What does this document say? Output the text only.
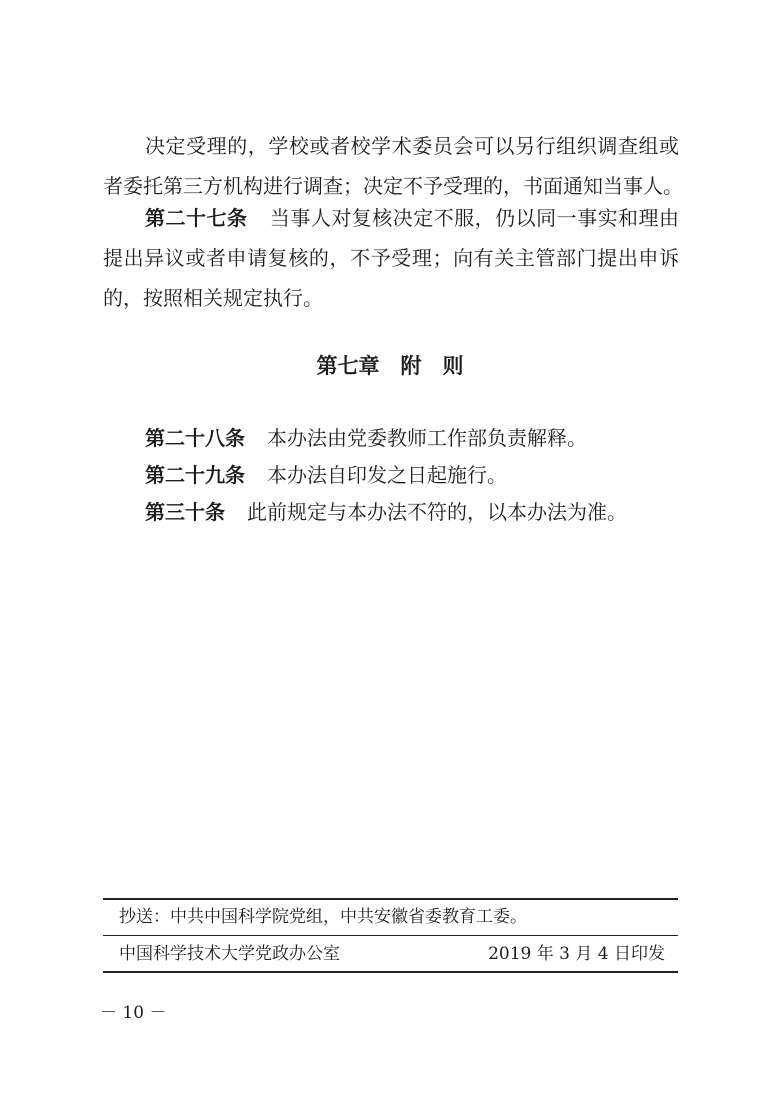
决定受理的，学校或者校学术委员会可以另行组织调查组或
者委托第三方机构进行调查；决定不予受理的，书面通知当事人。
第二十七条 当事人对复核决定不服，仍以同一事实和理由
提出异议或者申请复核的，不予受理；向有关主管部门提出申诉
的，按照相关规定执行。
第七章　附　则
第二十八条 本办法由党委教师工作部负责解释。
第二十九条 本办法自印发之日起施行。
第三十条 此前规定与本办法不符的，以本办法为准。
抄送：中共中国科学院党组，中共安徽省委教育工委。
中国科学技术大学党政办公室	2019 年 3 月 4 日印发
－ 10 －
